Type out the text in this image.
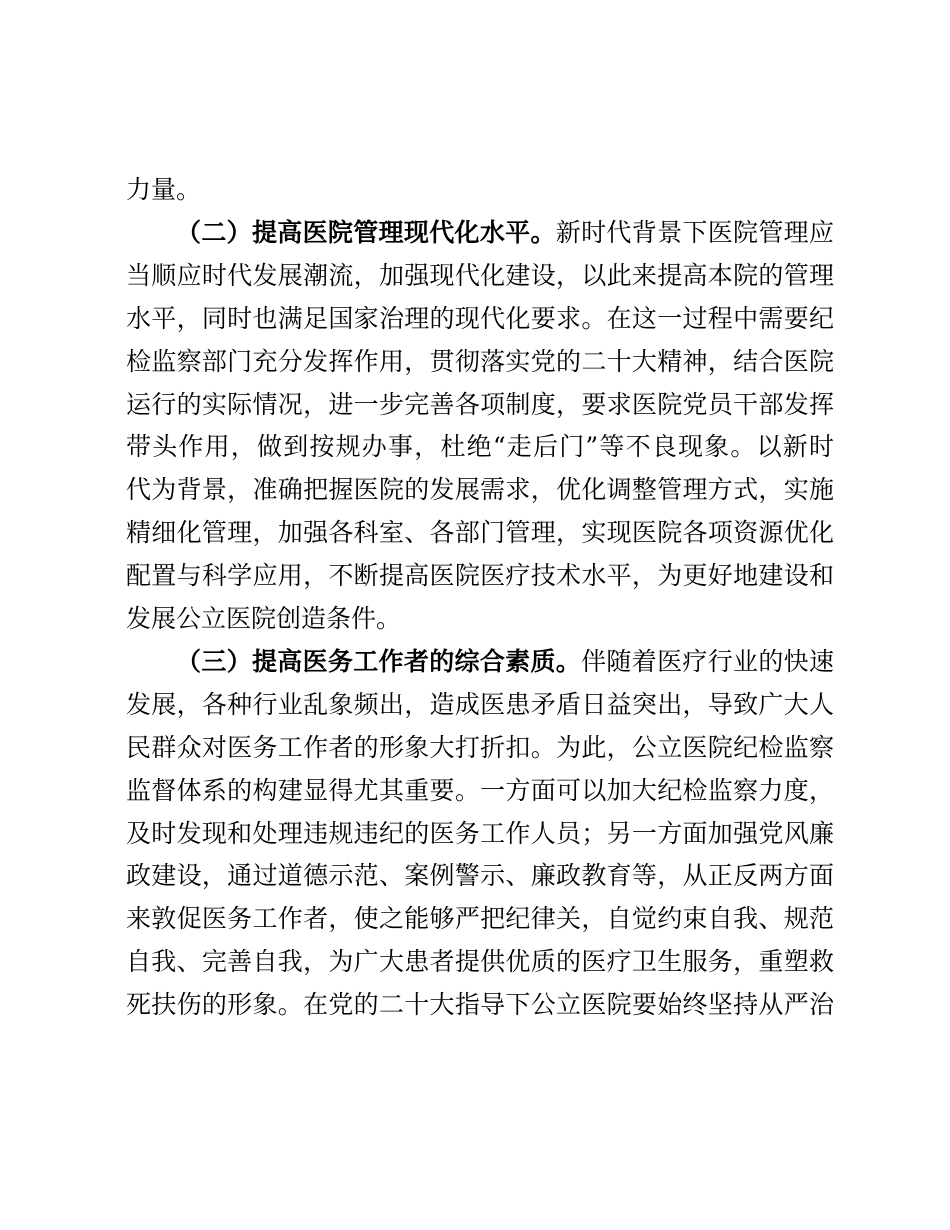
力量。
（二）提高医院管理现代化水平。新时代背景下医院管理应
当顺应时代发展潮流，加强现代化建设，以此来提高本院的管理
水平，同时也满足国家治理的现代化要求。在这一过程中需要纪
检监察部门充分发挥作用，贯彻落实党的二十大精神，结合医院
运行的实际情况，进一步完善各项制度，要求医院党员干部发挥
带头作用，做到按规办事，杜绝“走后门”等不良现象。以新时
代为背景，准确把握医院的发展需求，优化调整管理方式，实施
精细化管理，加强各科室、各部门管理，实现医院各项资源优化
配置与科学应用，不断提高医院医疗技术水平，为更好地建设和
发展公立医院创造条件。
（三）提高医务工作者的综合素质。伴随着医疗行业的快速
发展，各种行业乱象频出，造成医患矛盾日益突出，导致广大人
民群众对医务工作者的形象大打折扣。为此，公立医院纪检监察
监督体系的构建显得尤其重要。一方面可以加大纪检监察力度，
及时发现和处理违规违纪的医务工作人员；另一方面加强党风廉
政建设，通过道德示范、案例警示、廉政教育等，从正反两方面
来敦促医务工作者，使之能够严把纪律关，自觉约束自我、规范
自我、完善自我，为广大患者提供优质的医疗卫生服务，重塑救
死扶伤的形象。在党的二十大指导下公立医院要始终坚持从严治
